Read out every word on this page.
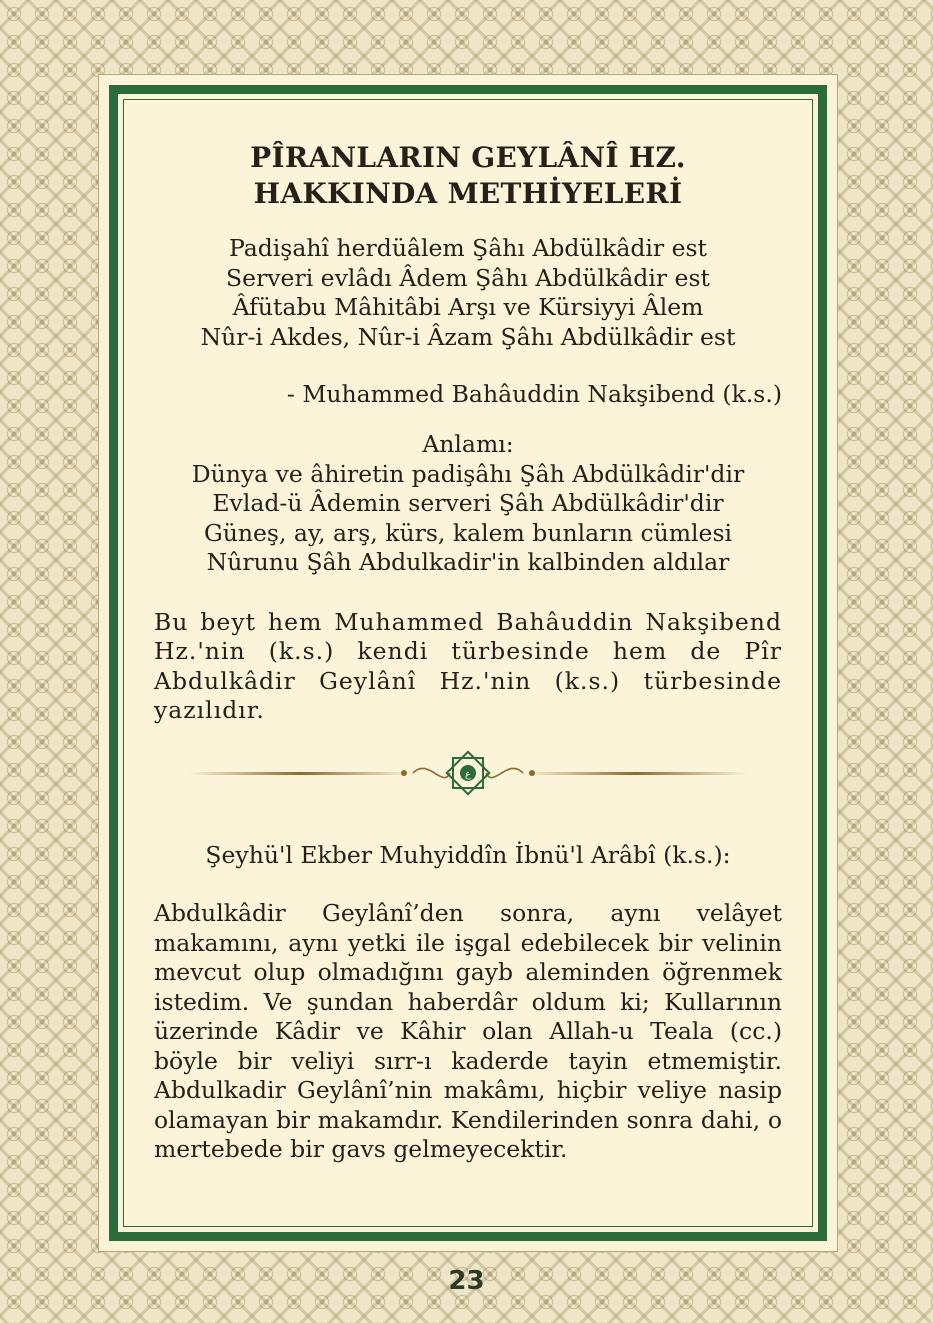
PÎRANLARIN GEYLÂNÎ HZ.
HAKKINDA METHİYELERİ
Padişahî herdüâlem Şâhı Abdülkâdir est
Serveri evlâdı Âdem Şâhı Abdülkâdir est
Âfütabu Mâhitâbi Arşı ve Kürsiyyi Âlem
Nûr-i Akdes, Nûr-i Âzam Şâhı Abdülkâdir est
- Muhammed Bahâuddin Nakşibend (k.s.)
Anlamı:
Dünya ve âhiretin padişâhı Şâh Abdülkâdir'dir
Evlad-ü Âdemin serveri Şâh Abdülkâdir'dir
Güneş, ay, arş, kürs, kalem bunların cümlesi
Nûrunu Şâh Abdulkadir'in kalbinden aldılar

Bu beyt hem Muhammed Bahâuddin Nakşibend Hz.'nin (k.s.) kendi türbesinde hem de Pîr Abdulkâdir Geylânî Hz.'nin (k.s.) türbesinde yazılıdır.

ع
Şeyhü'l Ekber Muhyiddîn İbnü'l Arâbî (k.s.):

Abdulkâdir Geylânî’den sonra, aynı velâyet makamını, aynı yetki ile işgal edebilecek bir velinin mevcut olup olmadığını gayb aleminden öğrenmek istedim. Ve şundan haberdâr oldum ki; Kullarının üzerinde Kâdir ve Kâhir olan Allah-u Teala (cc.) böyle bir veliyi sırr-ı kaderde tayin etmemiştir. Abdulkadir Geylânî’nin makâmı, hiçbir veliye nasip olamayan bir makamdır. Kendilerinden sonra dahi, o mertebede bir gavs gelmeyecektir.

23
